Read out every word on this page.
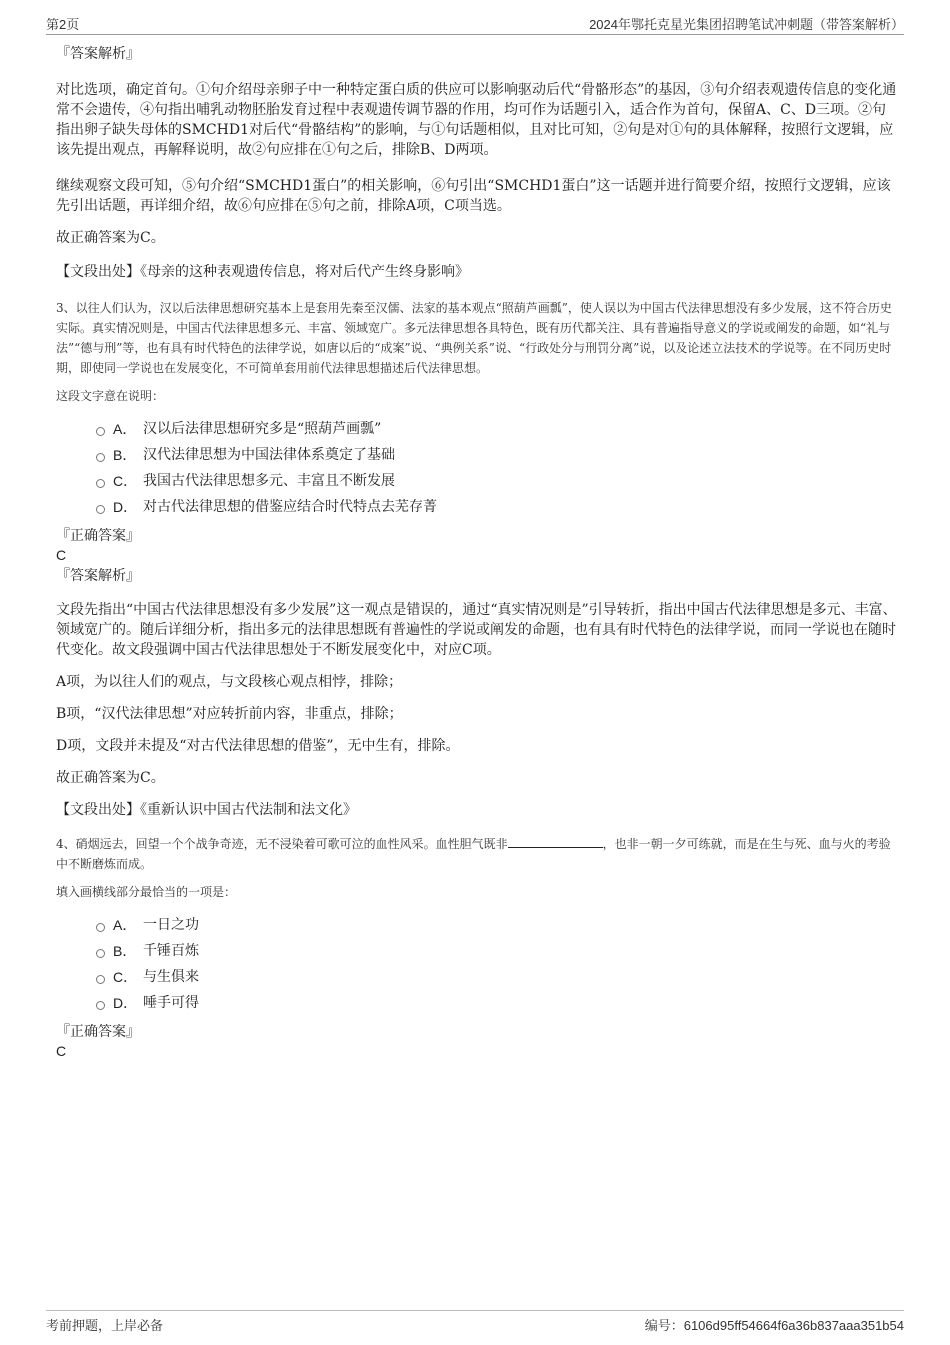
第2页	2024年鄂托克星光集团招聘笔试冲刺题（带答案解析）

『答案解析』

对比选项，确定首句。①句介绍母亲卵子中一种特定蛋白质的供应可以影响驱动后代“骨骼形态”的基因，③句介绍表观遗传信息的变化通常不会遗传，④句指出哺乳动物胚胎发育过程中表观遗传调节器的作用，均可作为话题引入，适合作为首句，保留A、C、D三项。②句指出卵子缺失母体的SMCHD1对后代“骨骼结构”的影响，与①句话题相似，且对比可知，②句是对①句的具体解释，按照行文逻辑，应该先提出观点，再解释说明，故②句应排在①句之后，排除B、D两项。

继续观察文段可知，⑤句介绍“SMCHD1蛋白”的相关影响，⑥句引出“SMCHD1蛋白”这一话题并进行简要介绍，按照行文逻辑，应该先引出话题，再详细介绍，故⑥句应排在⑤句之前，排除A项，C项当选。

故正确答案为C。

【文段出处】《母亲的这种表观遗传信息，将对后代产生终身影响》

3、以往人们认为，汉以后法律思想研究基本上是套用先秦至汉儒、法家的基本观点“照葫芦画瓢”，使人误以为中国古代法律思想没有多少发展，这不符合历史实际。真实情况则是，中国古代法律思想多元、丰富、领域宽广。多元法律思想各具特色，既有历代都关注、具有普遍指导意义的学说或阐发的命题，如“礼与法”“德与刑”等，也有具有时代特色的法律学说，如唐以后的“成案”说、“典例关系”说、“行政处分与刑罚分离”说，以及论述立法技术的学说等。在不同历史时期，即使同一学说也在发展变化，不可简单套用前代法律思想描述后代法律思想。

这段文字意在说明：

A． 汉以后法律思想研究多是“照葫芦画瓢”
B． 汉代法律思想为中国法律体系奠定了基础
C． 我国古代法律思想多元、丰富且不断发展
D． 对古代法律思想的借鉴应结合时代特点去芜存菁

『正确答案』

C

『答案解析』

文段先指出“中国古代法律思想没有多少发展”这一观点是错误的，通过“真实情况则是”引导转折，指出中国古代法律思想是多元、丰富、领域宽广的。随后详细分析，指出多元的法律思想既有普遍性的学说或阐发的命题，也有具有时代特色的法律学说，而同一学说也在随时代变化。故文段强调中国古代法律思想处于不断发展变化中，对应C项。

A项，为以往人们的观点，与文段核心观点相悖，排除；

B项，“汉代法律思想”对应转折前内容，非重点，排除；

D项，文段并未提及“对古代法律思想的借鉴”，无中生有，排除。

故正确答案为C。

【文段出处】《重新认识中国古代法制和法文化》

4、硝烟远去，回望一个个战争奇迹，无不浸染着可歌可泣的血性风采。血性胆气既非	，也非一朝一夕可练就，而是在生与死、血与火的考验中不断磨炼而成。

填入画横线部分最恰当的一项是：

A． 一日之功
B． 千锤百炼
C． 与生俱来
D． 唾手可得

『正确答案』

C

考前押题，上岸必备	编号：6106d95ff54664f6a36b837aaa351b54
